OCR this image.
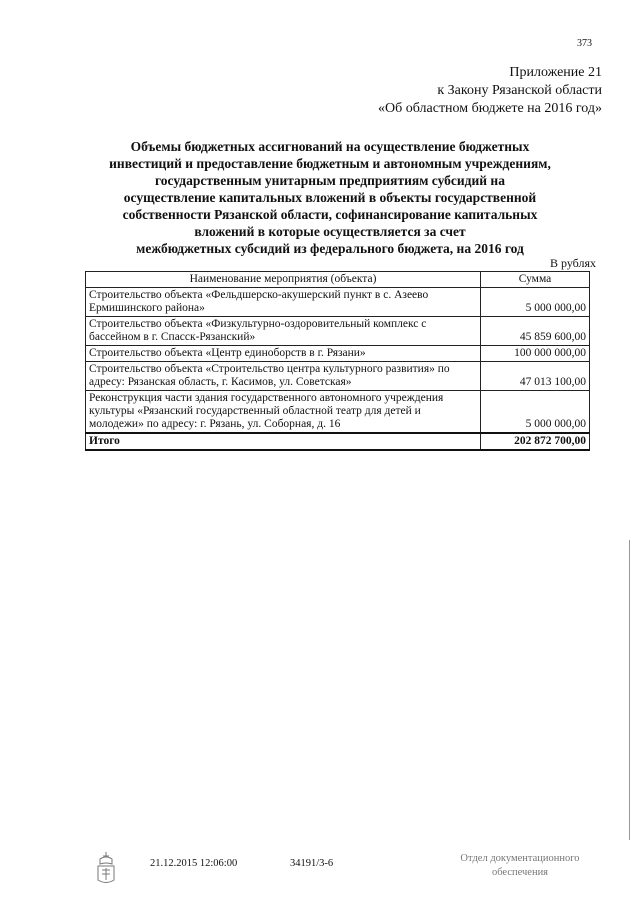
373
Приложение 21
к Закону Рязанской области
«Об областном бюджете на 2016 год»
Объемы бюджетных ассигнований на осуществление бюджетных
инвестиций и предоставление бюджетным и автономным учреждениям,
государственным унитарным предприятиям субсидий на
осуществление капитальных вложений в объекты государственной
собственности Рязанской области, софинансирование капитальных
вложений в которые осуществляется за счет
межбюджетных субсидий из федерального бюджета, на 2016 год
В рублях
Наименование мероприятия (объекта)	Сумма
Строительство объекта «Фельдшерско-акушерский пункт в с. Азеево Ермишинского района»	5 000 000,00
Строительство объекта «Физкультурно-оздоровительный комплекс с бассейном в г. Спасск-Рязанский»	45 859 600,00
Строительство объекта «Центр единоборств в г. Рязани»	100 000 000,00
Строительство объекта «Строительство центра культурного развития» по адресу: Рязанская область, г. Касимов, ул. Советская»	47 013 100,00
Реконструкция части здания государственного автономного учреждения культуры «Рязанский государственный областной театр для детей и молодежи» по адресу: г. Рязань, ул. Соборная, д. 16	5 000 000,00
Итого	202 872 700,00
21.12.2015 12:06:00	34191/3-6	Отдел документационного
обеспечения
